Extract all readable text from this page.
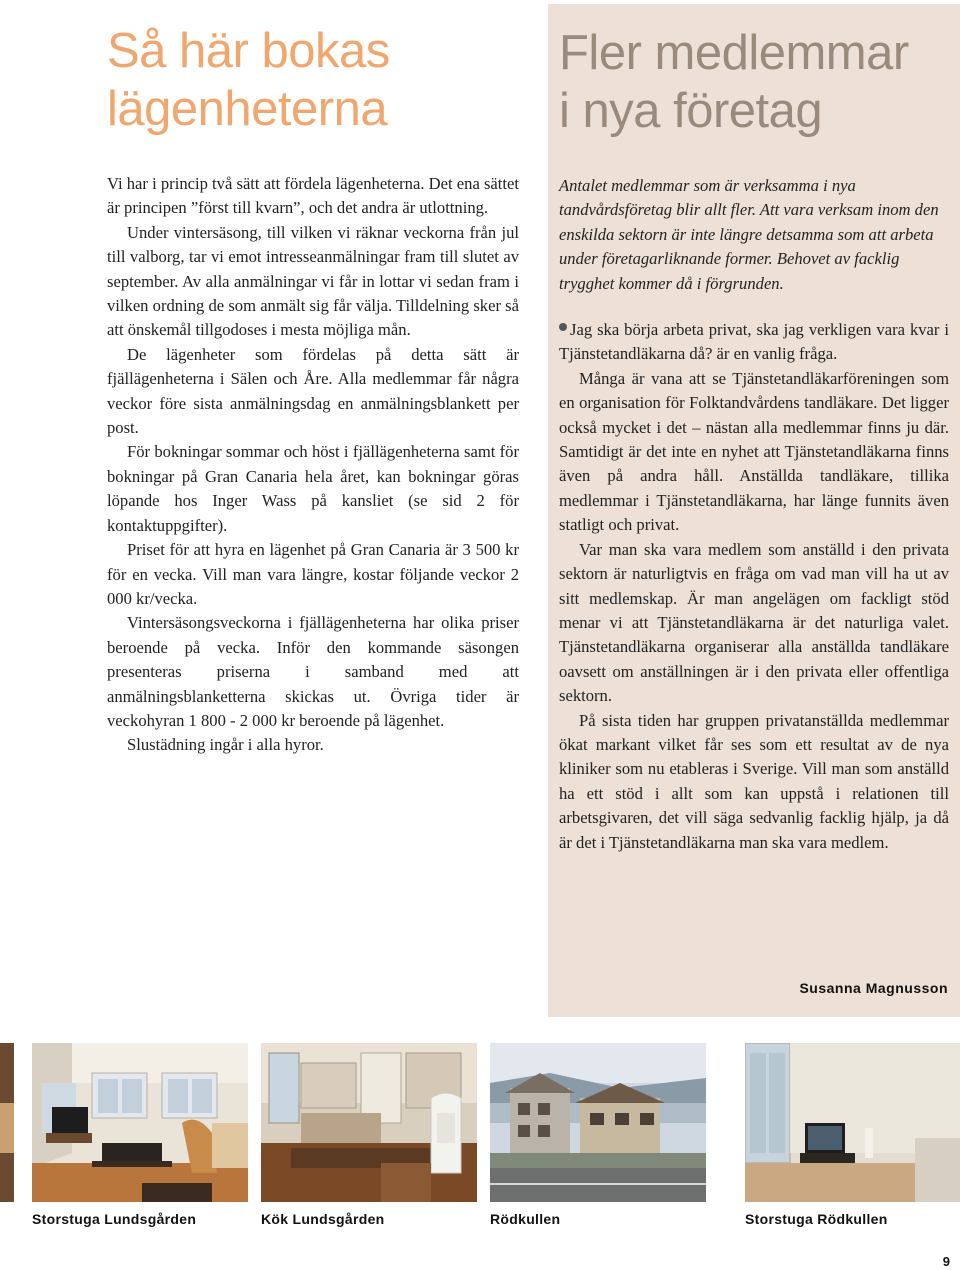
Så här bokas
lägenheterna

Vi har i princip två sätt att fördela lägenheterna. Det ena sättet är principen ”först till kvarn”, och det andra är utlottning.

Under vintersäsong, till vilken vi räknar veckorna från jul till valborg, tar vi emot intresseanmälningar fram till slutet av september. Av alla anmälningar vi får in lottar vi sedan fram i vilken ordning de som anmält sig får välja. Tilldelning sker så att önskemål tillgodoses i mesta möjliga mån.

De lägenheter som fördelas på detta sätt är fjällägenheterna i Sälen och Åre. Alla medlemmar får några veckor före sista anmälningsdag en anmälningsblankett per post.

För bokningar sommar och höst i fjällägenheterna samt för bokningar på Gran Canaria hela året, kan bokningar göras löpande hos Inger Wass på kansliet (se sid 2 för kontaktuppgifter).

Priset för att hyra en lägenhet på Gran Canaria är 3 500 kr för en vecka. Vill man vara längre, kostar följande veckor 2 000 kr/vecka.

Vintersäsongsveckorna i fjällägenheterna har olika priser beroende på vecka. Inför den kommande säsongen presenteras priserna i samband med att anmälningsblanketterna skickas ut. Övriga tider är veckohyran 1 800 - 2 000 kr beroende på lägenhet.

Slustädning ingår i alla hyror.

Fler medlemmar
i nya företag
Antalet medlemmar som är verksamma i nya tandvårdsföretag blir allt fler. Att vara verksam inom den enskilda sektorn är inte längre detsamma som att arbeta under företagarliknande former. Behovet av facklig trygghet kommer då i förgrunden.

Jag ska börja arbeta privat, ska jag verkligen vara kvar i Tjänstetandläkarna då? är en vanlig fråga.

Många är vana att se Tjänstetandläkarföreningen som en organisation för Folktandvårdens tandläkare. Det ligger också mycket i det – nästan alla medlemmar finns ju där. Samtidigt är det inte en nyhet att Tjänstetandläkarna finns även på andra håll. Anställda tandläkare, tillika medlemmar i Tjänstetandläkarna, har länge funnits även statligt och privat.

Var man ska vara medlem som anställd i den privata sektorn är naturligtvis en fråga om vad man vill ha ut av sitt medlemskap. Är man angelägen om fackligt stöd menar vi att Tjänstetandläkarna är det naturliga valet. Tjänstetandläkarna organiserar alla anställda tandläkare oavsett om anställningen är i den privata eller offentliga sektorn.

På sista tiden har gruppen privatanställda medlemmar ökat markant vilket får ses som ett resultat av de nya kliniker som nu etableras i Sverige. Vill man som anställd ha ett stöd i allt som kan uppstå i relationen till arbetsgivaren, det vill säga sedvanlig facklig hjälp, ja då är det i Tjänstetandläkarna man ska vara medlem.

Susanna Magnusson
Storstuga Lundsgården	Kök Lundsgården	Rödkullen	Storstuga Rödkullen
9
